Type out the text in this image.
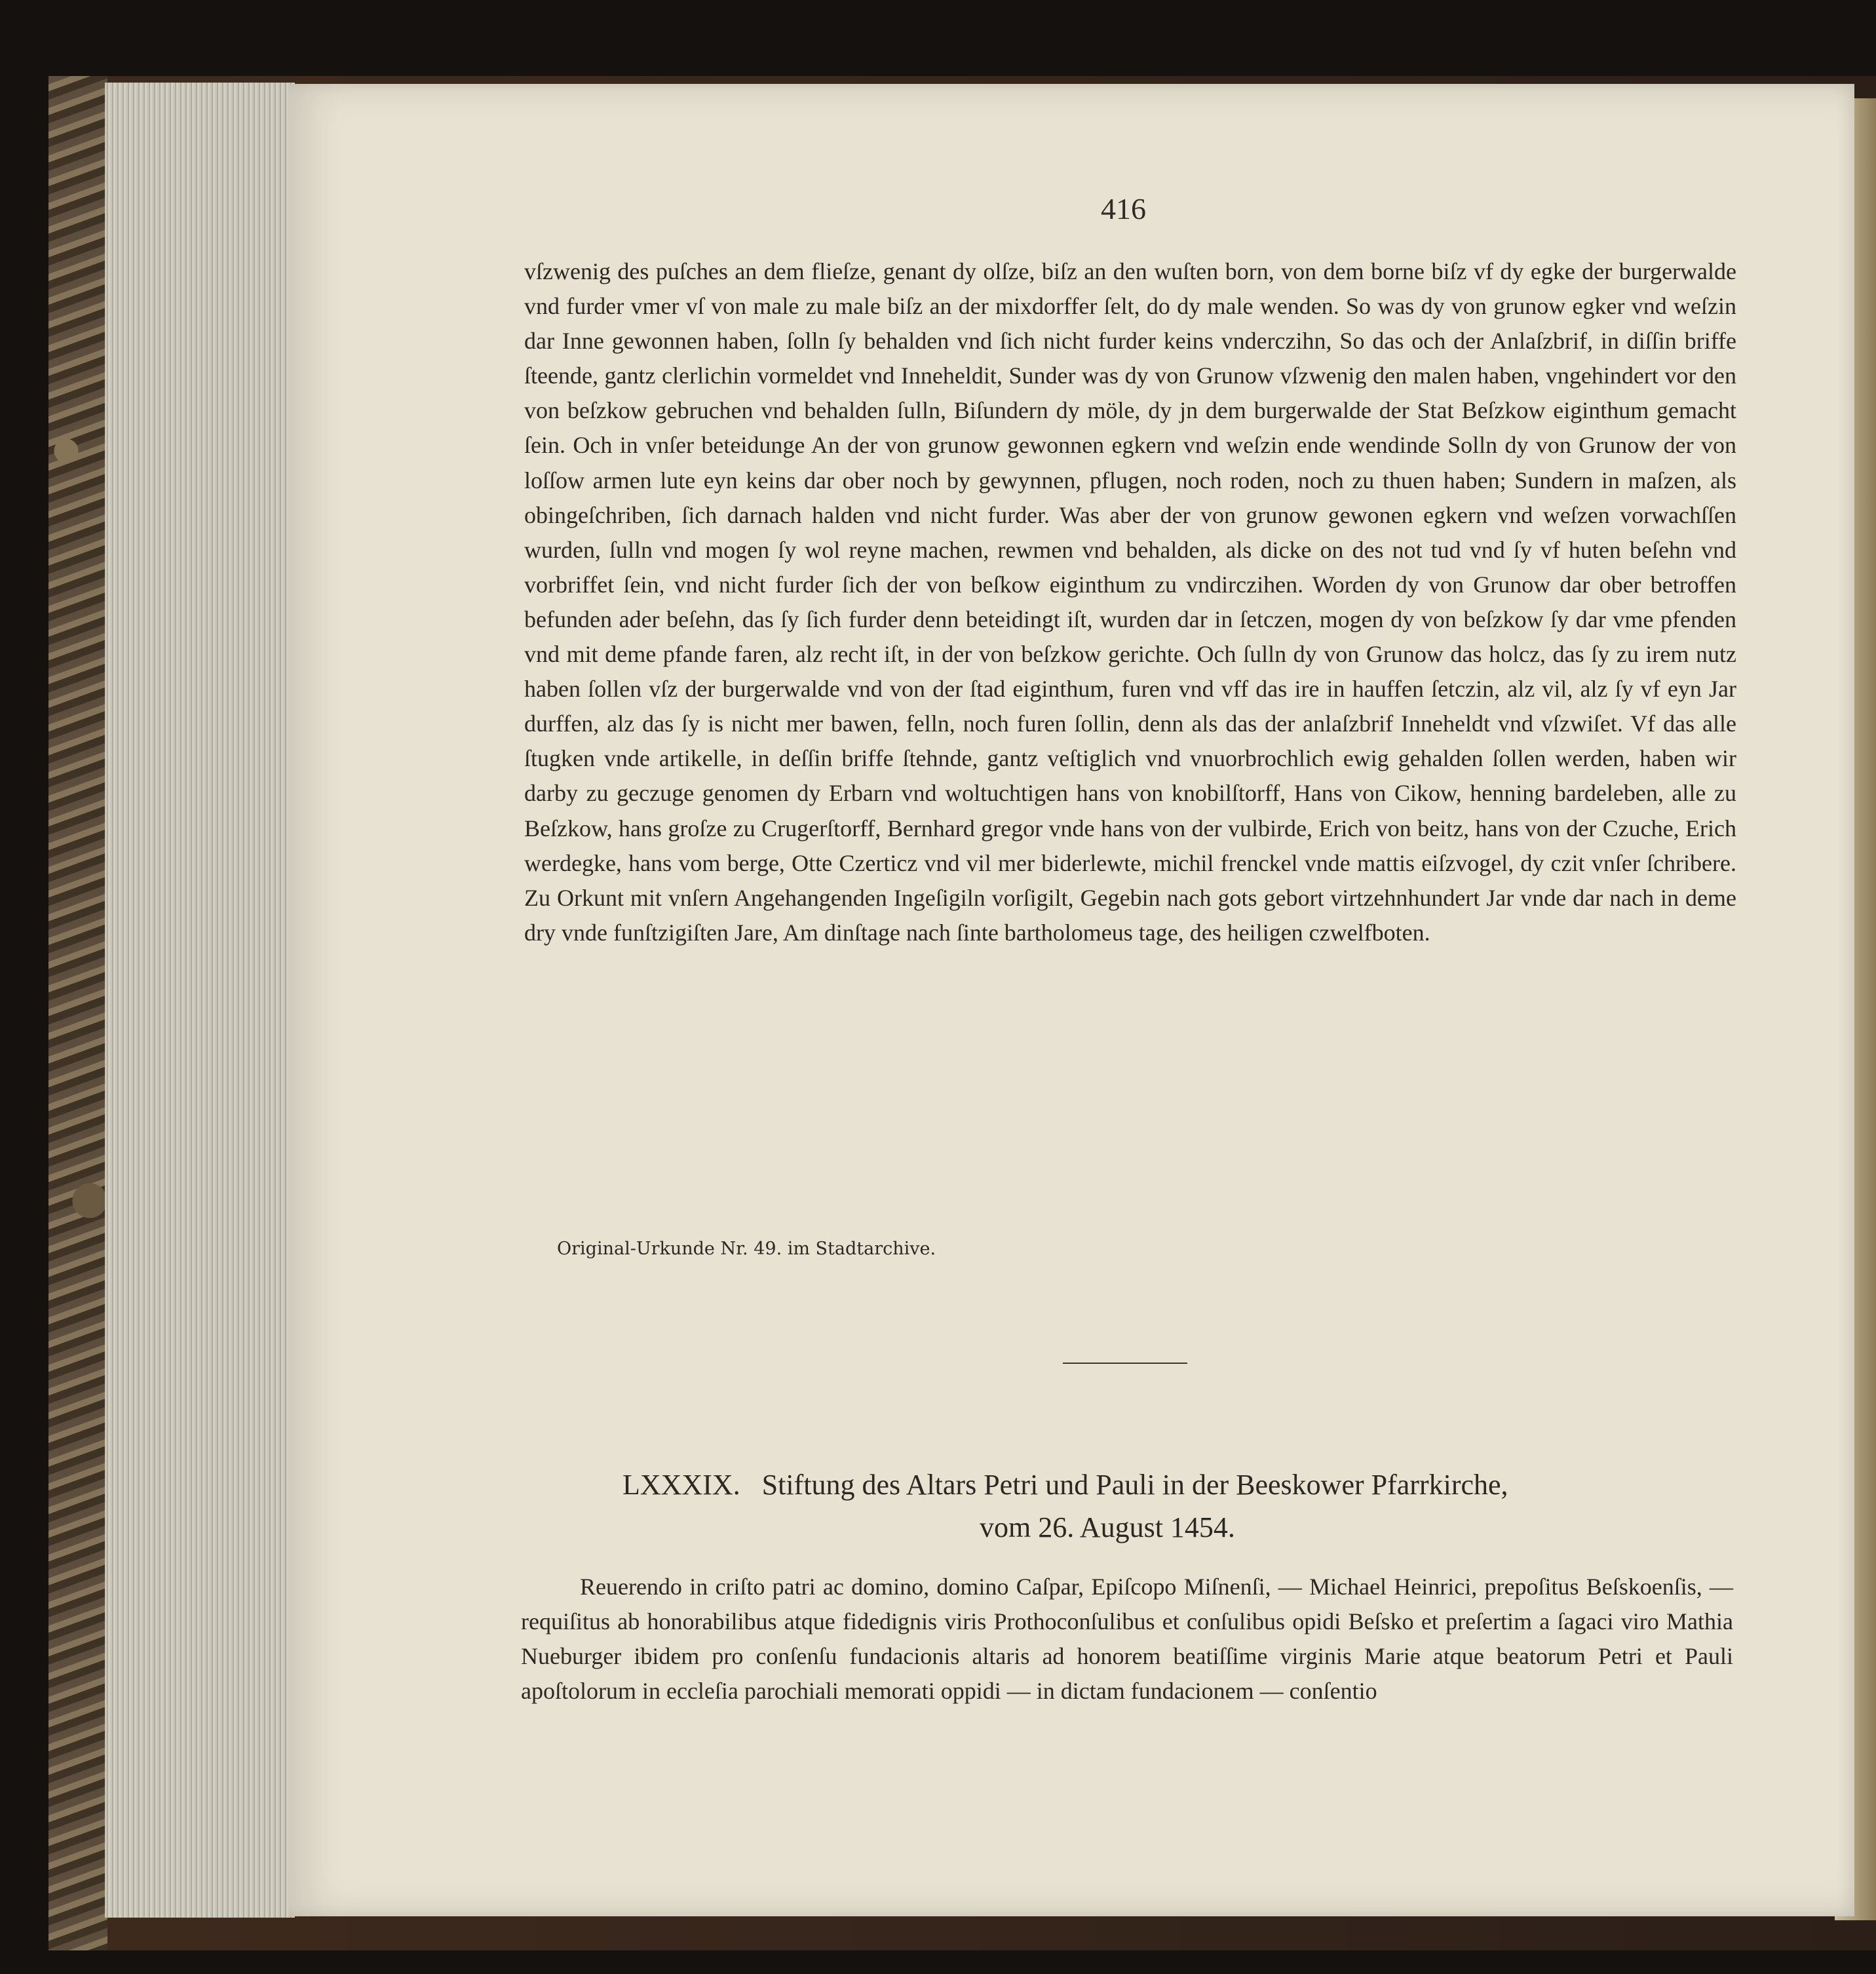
416

vſzwenig des puſches an dem flieſze, genant dy olſze, biſz an den wuſten born, von dem borne biſz vf dy egke der burgerwalde vnd furder vmer vſ von male zu male biſz an der mixdorffer ſelt, do dy male wenden. So was dy von grunow egker vnd weſzin dar Inne gewonnen haben, ſolln ſy behalden vnd ſich nicht furder keins vnderczihn, So das och der Anlaſzbrif, in diſſin briffe ſteende, gantz clerlichin vormeldet vnd Inneheldit, Sunder was dy von Grunow vſzwenig den malen haben, vngehindert vor den von beſzkow gebruchen vnd behalden ſulln, Biſundern dy möle, dy jn dem burgerwalde der Stat Beſzkow eiginthum gemacht ſein. Och in vnſer beteidunge An der von grunow gewonnen egkern vnd weſzin ende wendinde Solln dy von Grunow der von loſſow armen lute eyn keins dar ober noch by gewynnen, pflugen, noch roden, noch zu thuen haben; Sundern in maſzen, als obingeſchriben, ſich darnach halden vnd nicht furder. Was aber der von grunow gewonen egkern vnd weſzen vorwachſſen wurden, ſulln vnd mogen ſy wol reyne machen, rewmen vnd behalden, als dicke on des not tud vnd ſy vf huten beſehn vnd vorbriffet ſein, vnd nicht furder ſich der von beſkow eiginthum zu vndirczihen. Worden dy von Grunow dar ober betroffen befunden ader beſehn, das ſy ſich furder denn beteidingt iſt, wurden dar in ſetczen, mogen dy von beſzkow ſy dar vme pfenden vnd mit deme pfande faren, alz recht iſt, in der von beſzkow gerichte. Och ſulln dy von Grunow das holcz, das ſy zu irem nutz haben ſollen vſz der burgerwalde vnd von der ſtad eiginthum, furen vnd vff das ire in hauffen ſetczin, alz vil, alz ſy vf eyn Jar durffen, alz das ſy is nicht mer bawen, felln, noch furen ſollin, denn als das der anlaſzbrif Inneheldt vnd vſzwiſet. Vf das alle ſtugken vnde artikelle, in deſſin briffe ſtehnde, gantz veſtiglich vnd vnuorbrochlich ewig gehalden ſollen werden, haben wir darby zu geczuge genomen dy Erbarn vnd woltuchtigen hans von knobilſtorff, Hans von Cikow, henning bardeleben, alle zu Beſzkow, hans groſze zu Crugerſtorff, Bernhard gregor vnde hans von der vulbirde, Erich von beitz, hans von der Czuche, Erich werdegke, hans vom berge, Otte Czerticz vnd vil mer biderlewte, michil frenckel vnde mattis eiſzvogel, dy czit vnſer ſchribere. Zu Orkunt mit vnſern Angehangenden Ingeſigiln vorſigilt, Gegebin nach gots gebort virtzehnhundert Jar vnde dar nach in deme dry vnde funſtzigiſten Jare, Am dinſtage nach ſinte bartholomeus tage, des heiligen czwelfboten.

Original-Urkunde Nr. 49. im Stadtarchive.
LXXXIX. Stiftung des Altars Petri und Pauli in der Beeskower Pfarrkirche,
vom 26. August 1454.

Reuerendo in criſto patri ac domino, domino Caſpar, Epiſcopo Miſnenſi, — Michael Heinrici, prepoſitus Beſskoenſis, — requiſitus ab honorabilibus atque fidedignis viris Prothoconſulibus et conſulibus opidi Beſsko et preſertim a ſagaci viro Mathia Nueburger ibidem pro conſenſu fundacionis altaris ad honorem beatiſſime virginis Marie atque beatorum Petri et Pauli apoſtolorum in eccleſia parochiali memorati oppidi — in dictam fundacionem — conſentio
